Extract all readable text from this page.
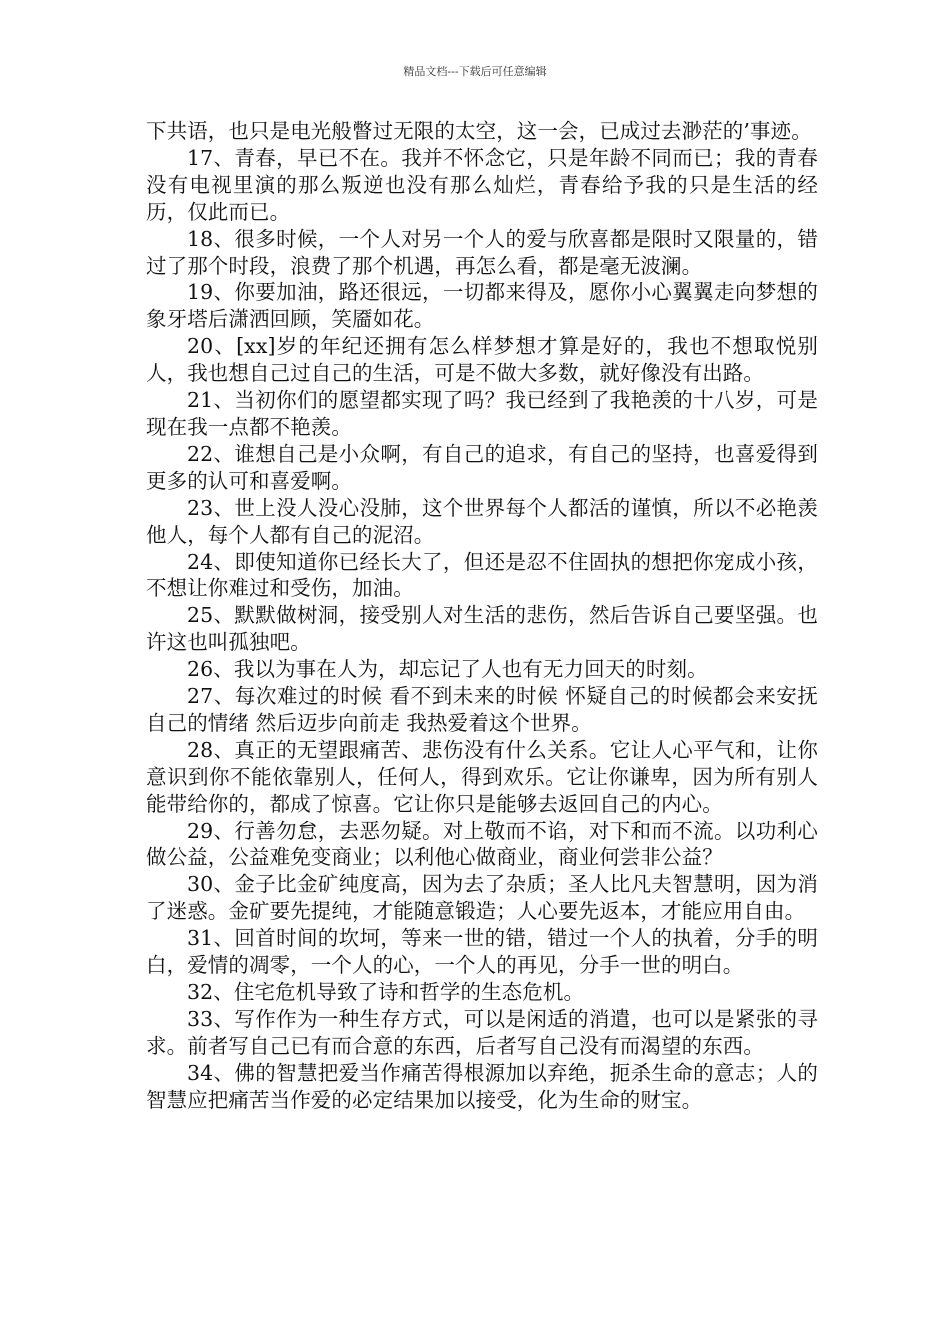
精品文档---下载后可任意编辑

下共语，也只是电光般瞥过无限的太空，这一会，已成过去渺茫的’事迹。

17、青春，早已不在。我并不怀念它，只是年龄不同而已；我的青春没有电视里演的那么叛逆也没有那么灿烂，青春给予我的只是生活的经历，仅此而已。

18、很多时候，一个人对另一个人的爱与欣喜都是限时又限量的，错过了那个时段，浪费了那个机遇，再怎么看，都是毫无波澜。

19、你要加油，路还很远，一切都来得及，愿你小心翼翼走向梦想的象牙塔后潇洒回顾，笑靥如花。

20、[xx]岁的年纪还拥有怎么样梦想才算是好的，我也不想取悦别人，我也想自己过自己的生活，可是不做大多数，就好像没有出路。

21、当初你们的愿望都实现了吗？我已经到了我艳羡的十八岁，可是现在我一点都不艳羡。

22、谁想自己是小众啊，有自己的追求，有自己的坚持，也喜爱得到更多的认可和喜爱啊。

23、世上没人没心没肺，这个世界每个人都活的谨慎，所以不必艳羡他人，每个人都有自己的泥沼。

24、即使知道你已经长大了，但还是忍不住固执的想把你宠成小孩，不想让你难过和受伤，加油。

25、默默做树洞，接受别人对生活的悲伤，然后告诉自己要坚强。也许这也叫孤独吧。

26、我以为事在人为，却忘记了人也有无力回天的时刻。

27、每次难过的时候 看不到未来的时候 怀疑自己的时候都会来安抚自己的情绪 然后迈步向前走 我热爱着这个世界。

28、真正的无望跟痛苦、悲伤没有什么关系。它让人心平气和，让你意识到你不能依靠别人，任何人，得到欢乐。它让你谦卑，因为所有别人能带给你的，都成了惊喜。它让你只是能够去返回自己的内心。

29、行善勿怠，去恶勿疑。对上敬而不谄，对下和而不流。以功利心做公益，公益难免变商业；以利他心做商业，商业何尝非公益？

30、金子比金矿纯度高，因为去了杂质；圣人比凡夫智慧明，因为消了迷惑。金矿要先提纯，才能随意锻造；人心要先返本，才能应用自由。

31、回首时间的坎坷，等来一世的错，错过一个人的执着，分手的明白，爱情的凋零，一个人的心，一个人的再见，分手一世的明白。

32、住宅危机导致了诗和哲学的生态危机。

33、写作作为一种生存方式，可以是闲适的消遣，也可以是紧张的寻求。前者写自己已有而合意的东西，后者写自己没有而渴望的东西。

34、佛的智慧把爱当作痛苦得根源加以弃绝，扼杀生命的意志；人的智慧应把痛苦当作爱的必定结果加以接受，化为生命的财宝。
